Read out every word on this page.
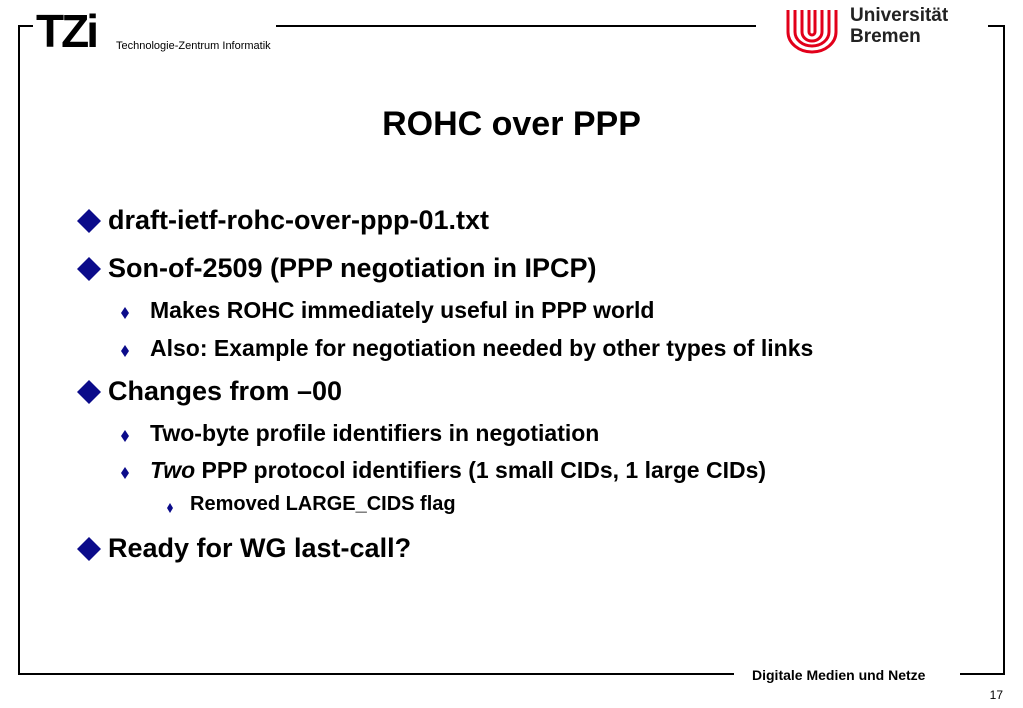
TZi Technologie-Zentrum Informatik
Universität
Bremen
ROHC over PPP
draft-ietf-rohc-over-ppp-01.txt
Son-of-2509 (PPP negotiation in IPCP)
Makes ROHC immediately useful in PPP world
Also: Example for negotiation needed by other types of links
Changes from –00
Two-byte profile identifiers in negotiation
Two PPP protocol identifiers (1 small CIDs, 1 large CIDs)
Removed LARGE_CIDS flag
Ready for WG last-call?
Digitale Medien und Netze
17
